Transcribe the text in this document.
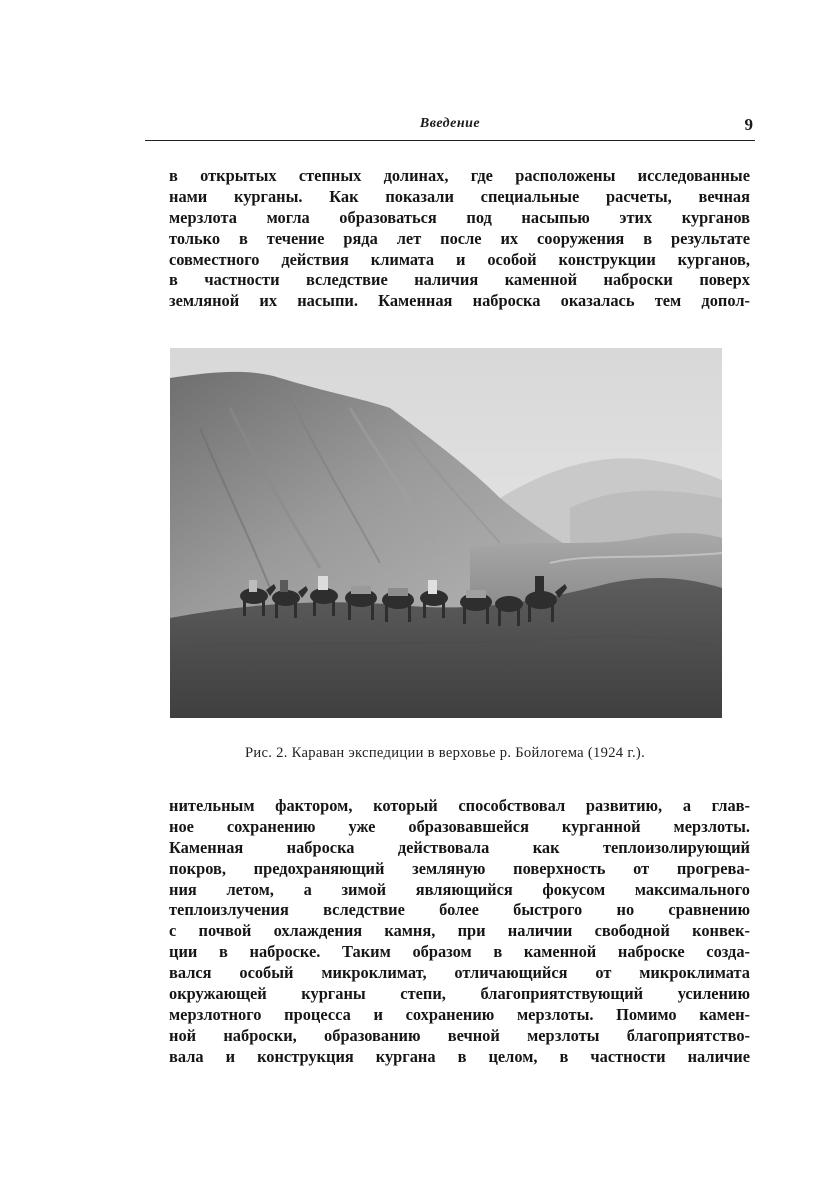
Введение	9
в открытых степных долинах, где расположены исследованные
нами курганы. Как показали специальные расчеты, вечная
мерзлота могла образоваться под насыпью этих курганов
только в течение ряда лет после их сооружения в результате
совместного действия климата и особой конструкции курганов,
в частности вследствие наличия каменной наброски поверх
земляной их насыпи. Каменная наброска оказалась тем допол-
Рис. 2. Караван экспедиции в верховье р. Бойлогема (1924 г.).
нительным фактором, который способствовал развитию, а глав-
ное сохранению уже образовавшейся курганной мерзлоты.
Каменная наброска действовала как теплоизолирующий
покров, предохраняющий земляную поверхность от прогрева-
ния летом, а зимой являющийся фокусом максимального
теплоизлучения вследствие более быстрого но сравнению
с почвой охлаждения камня, при наличии свободной конвек-
ции в наброске. Таким образом в каменной наброске созда-
вался особый микроклимат, отличающийся от микроклимата
окружающей курганы степи, благоприятствующий усилению
мерзлотного процесса и сохранению мерзлоты. Помимо камен-
ной наброски, образованию вечной мерзлоты благоприятство-
вала и конструкция кургана в целом, в частности наличие
